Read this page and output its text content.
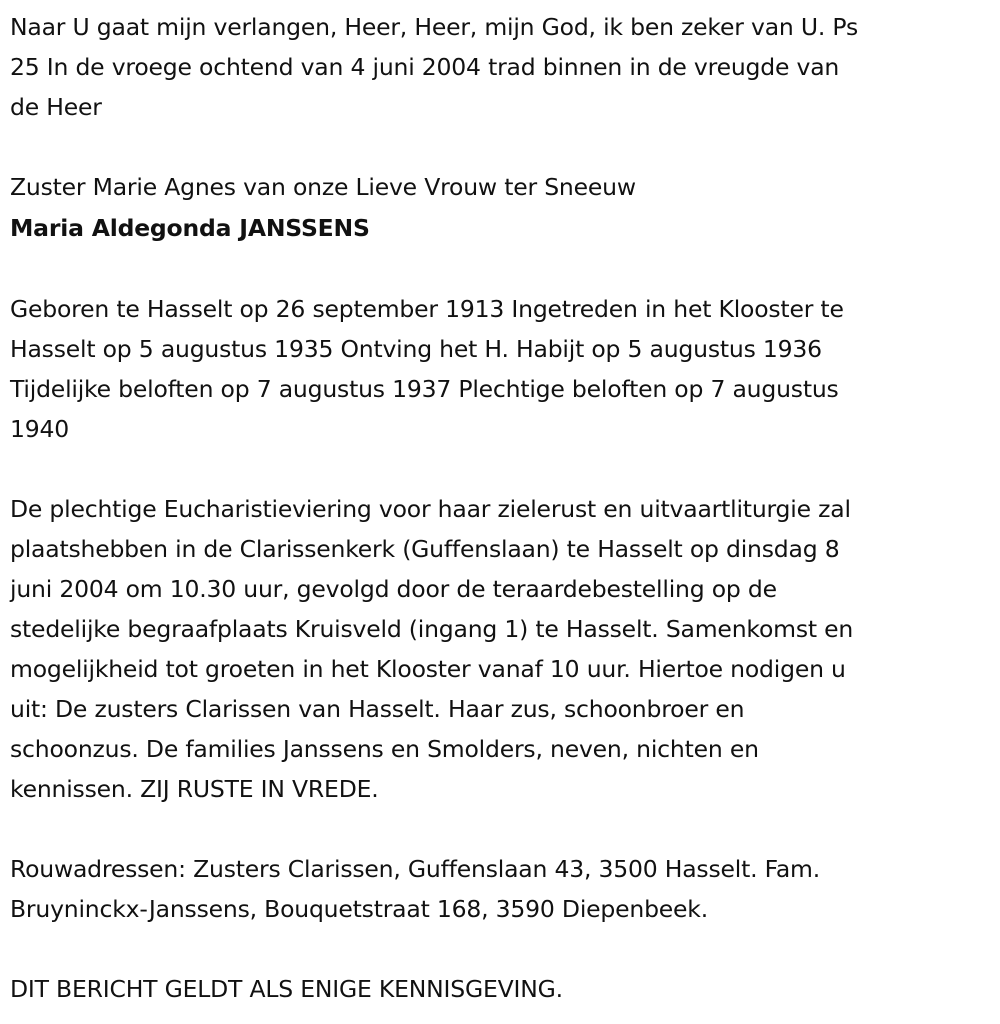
Naar U gaat mijn verlangen, Heer, Heer, mijn God, ik ben zeker van U. Ps
25 In de vroege ochtend van 4 juni 2004 trad binnen in de vreugde van
de Heer
Zuster Marie Agnes van onze Lieve Vrouw ter Sneeuw
Maria Aldegonda JANSSENS
Geboren te Hasselt op 26 september 1913 Ingetreden in het Klooster te
Hasselt op 5 augustus 1935 Ontving het H. Habijt op 5 augustus 1936
Tijdelijke beloften op 7 augustus 1937 Plechtige beloften op 7 augustus
1940
De plechtige Eucharistieviering voor haar zielerust en uitvaartliturgie zal
plaatshebben in de Clarissenkerk (Guffenslaan) te Hasselt op dinsdag 8
juni 2004 om 10.30 uur, gevolgd door de teraardebestelling op de
stedelijke begraafplaats Kruisveld (ingang 1) te Hasselt. Samenkomst en
mogelijkheid tot groeten in het Klooster vanaf 10 uur. Hiertoe nodigen u
uit: De zusters Clarissen van Hasselt. Haar zus, schoonbroer en
schoonzus. De families Janssens en Smolders, neven, nichten en
kennissen. ZIJ RUSTE IN VREDE.
Rouwadressen: Zusters Clarissen, Guffenslaan 43, 3500 Hasselt. Fam.
Bruyninckx-Janssens, Bouquetstraat 168, 3590 Diepenbeek.
DIT BERICHT GELDT ALS ENIGE KENNISGEVING.
